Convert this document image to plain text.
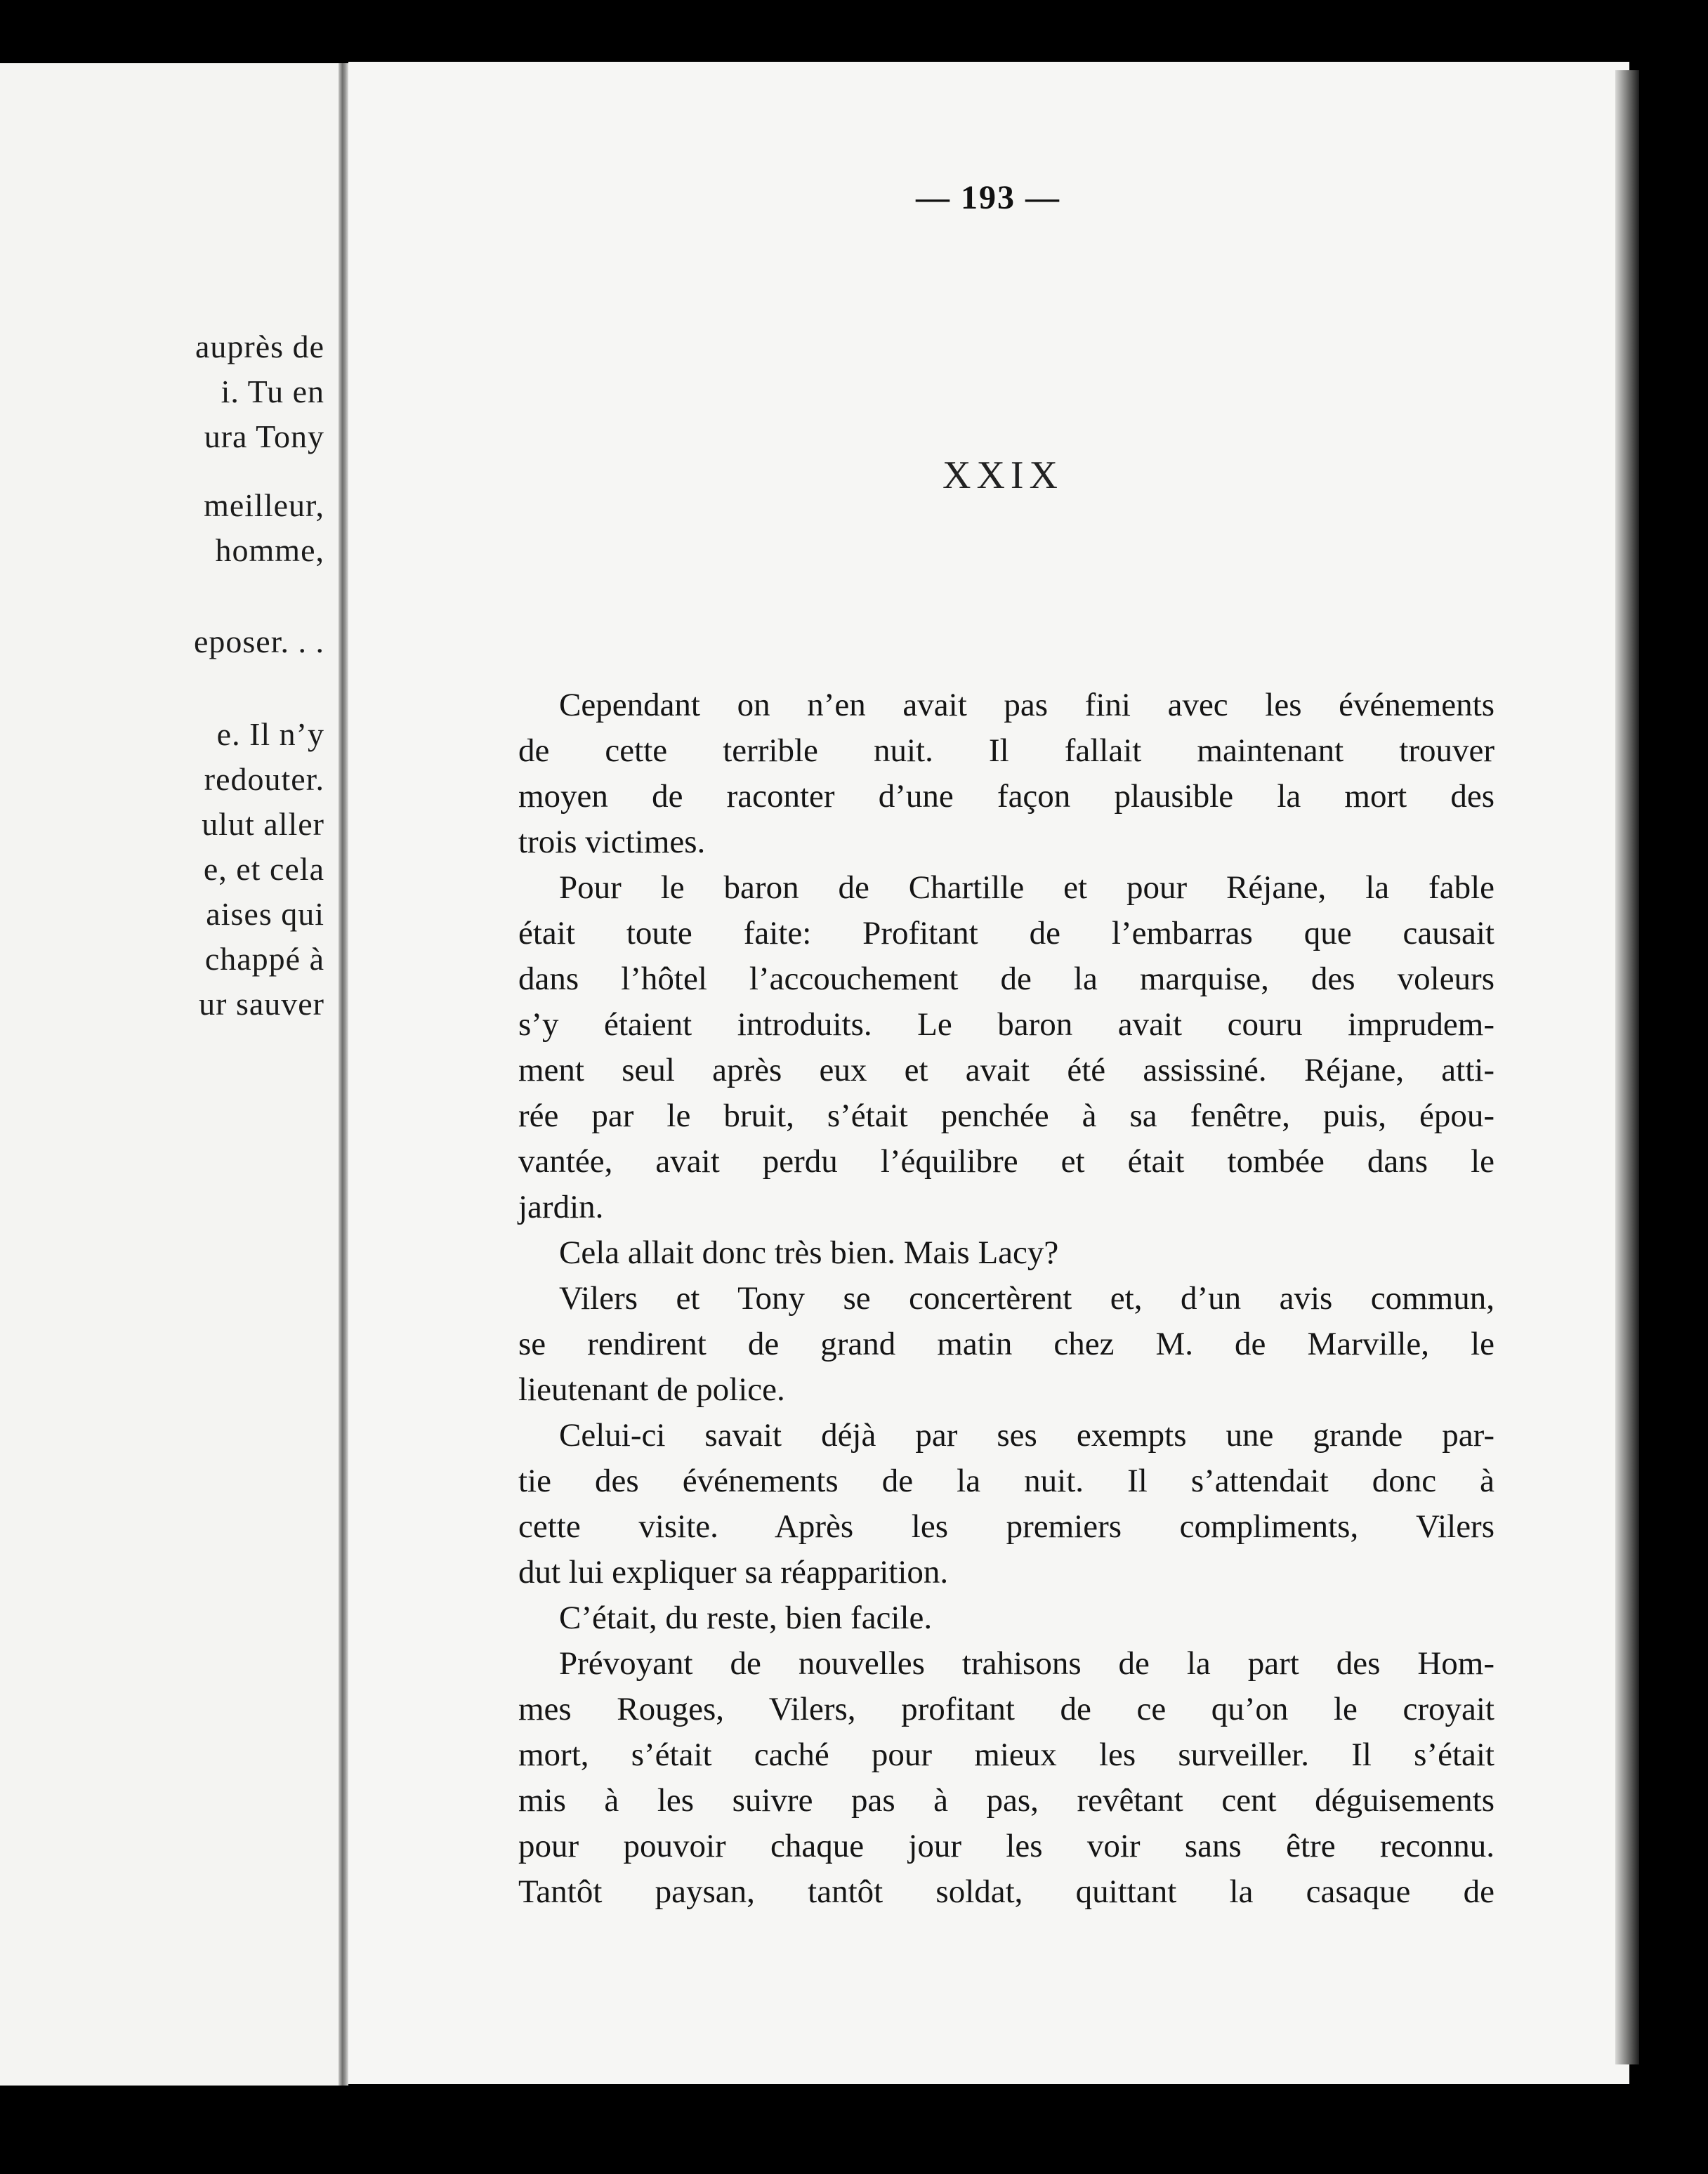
auprès de

i. Tu en

ura Tony

meilleur,

homme,

eposer. . .

e. Il n’y

redouter.

ulut aller

e, et cela

aises qui

chappé à

ur sauver

— 193 —
XXIX
Cependant on n’en avait pas fini avec les événements
de cette terrible nuit. Il fallait maintenant trouver
moyen de raconter d’une façon plausible la mort des
trois victimes.
Pour le baron de Chartille et pour Réjane, la fable
était toute faite: Profitant de l’embarras que causait
dans l’hôtel l’accouchement de la marquise, des voleurs
s’y étaient introduits. Le baron avait couru imprudem-
ment seul après eux et avait été assissiné. Réjane, atti-
rée par le bruit, s’était penchée à sa fenêtre, puis, épou-
vantée, avait perdu l’équilibre et était tombée dans le
jardin.
Cela allait donc très bien. Mais Lacy?
Vilers et Tony se concertèrent et, d’un avis commun,
se rendirent de grand matin chez M. de Marville, le
lieutenant de police.
Celui-ci savait déjà par ses exempts une grande par-
tie des événements de la nuit. Il s’attendait donc à
cette visite. Après les premiers compliments, Vilers
dut lui expliquer sa réapparition.
C’était, du reste, bien facile.
Prévoyant de nouvelles trahisons de la part des Hom-
mes Rouges, Vilers, profitant de ce qu’on le croyait
mort, s’était caché pour mieux les surveiller. Il s’était
mis à les suivre pas à pas, revêtant cent déguisements
pour pouvoir chaque jour les voir sans être reconnu.
Tantôt paysan, tantôt soldat, quittant la casaque de
